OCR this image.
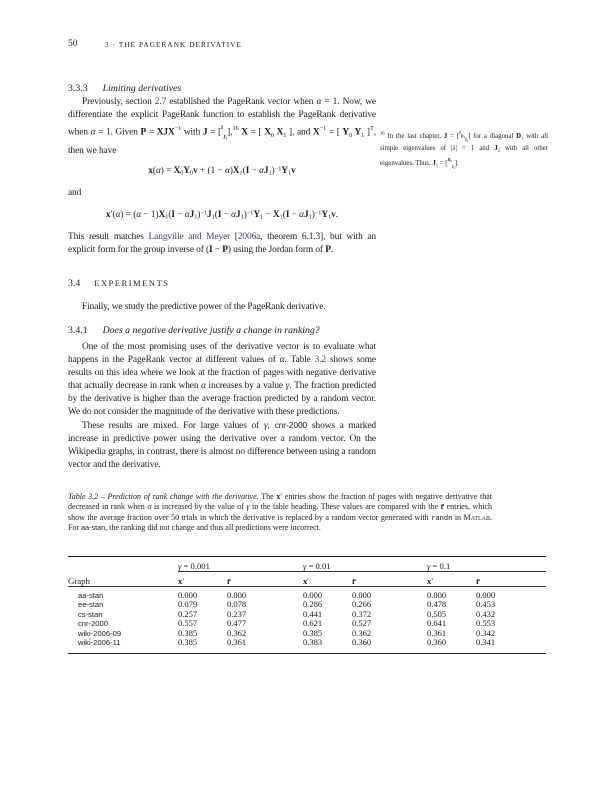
50	3 · THE PAGERANK DERIVATIVE
3.3.3 Limiting derivatives

Previously, section 2.7 established the PageRank vector when α = 1. Now, we differentiate the explicit PageRank function to establish the PageRank derivative when α = 1. Given $P = XJX^{-1}$ with J = [$^I_{J_1}$],$^{16}$ X = [ $X_0$ $X_1$ ], and $X^{-1}$ = [ $Y_0$ $Y_1$ ]$^T$, then we have

$x(\alpha) = X0Y0v + (1 - \alpha)X1(I - \alpha J1)^{-1}Y1v$
and
$x'(\alpha) = (\alpha - 1)X1(I - \alpha J1)^{-1}J1(I - \alpha J1)^{-1}Y1 - X1(I - \alpha J1)^{-1}Y1v$.

This result matches Langville and Meyer [2006a, theorem 6.1.3], but with an explicit form for the group inverse of (I − P) using the Jordan form of P.

3.4 EXPERIMENTS

Finally, we study the predictive power of the PageRank derivative.

3.4.1 Does a negative derivative justify a change in ranking?

One of the most promising uses of the derivative vector is to evaluate what happens in the PageRank vector at different values of α. Table 3.2 shows some results on this idea where we look at the fraction of pages with negative derivative that actually decrease in rank when α increases by a value γ. The fraction predicted by the derivative is higher than the average fraction predicted by a random vector. We do not consider the magnitude of the derivative with these predictions.

These results are mixed. For large values of γ, cnr-2000 shows a marked increase in predictive power using the derivative over a random vector. On the Wikipedia graphs, in contrast, there is almost no difference between using a random vector and the derivative.

$^{16}$ In the last chapter, $J = [^ID_1_{J_2}]$ for a diagonal $D_1$ with all simple eigenvalues of |λ| = 1 and $J_2$ with all other eigenvalues. Thus, $J_1 = [^{D_1}_{J_2}]$.
Table 3.2 – Prediction of rank change with the derivative. The x′ entries show the fraction of pages with negative derivative that decreased in rank when α is increased by the value of γ in the table heading. These values are compared with the r̄ entries, which show the average fraction over 50 trials in which the derivative is replaced by a random vector generated with randn in Matlab. For aa-stan, the ranking did not change and thus all predictions were incorrect.
Graph	γ = 0.001		γ = 0.01		γ = 0.1	
	x′	r̄	x′	r̄	x′	r̄
aa-stan	0.000	0.000	0.000	0.000	0.000	0.000
ee-stan	0.079	0.078	0.286	0.266	0.478	0.453
cs-stan	0.257	0.237	0.441	0.372	0.505	0.432
cnr-2000	0.557	0.477	0.621	0.527	0.641	0.553
wiki-2006-09	0.385	0.362	0.385	0.362	0.361	0.342
wiki-2006-11	0.385	0.361	0.383	0.360	0.360	0.341
